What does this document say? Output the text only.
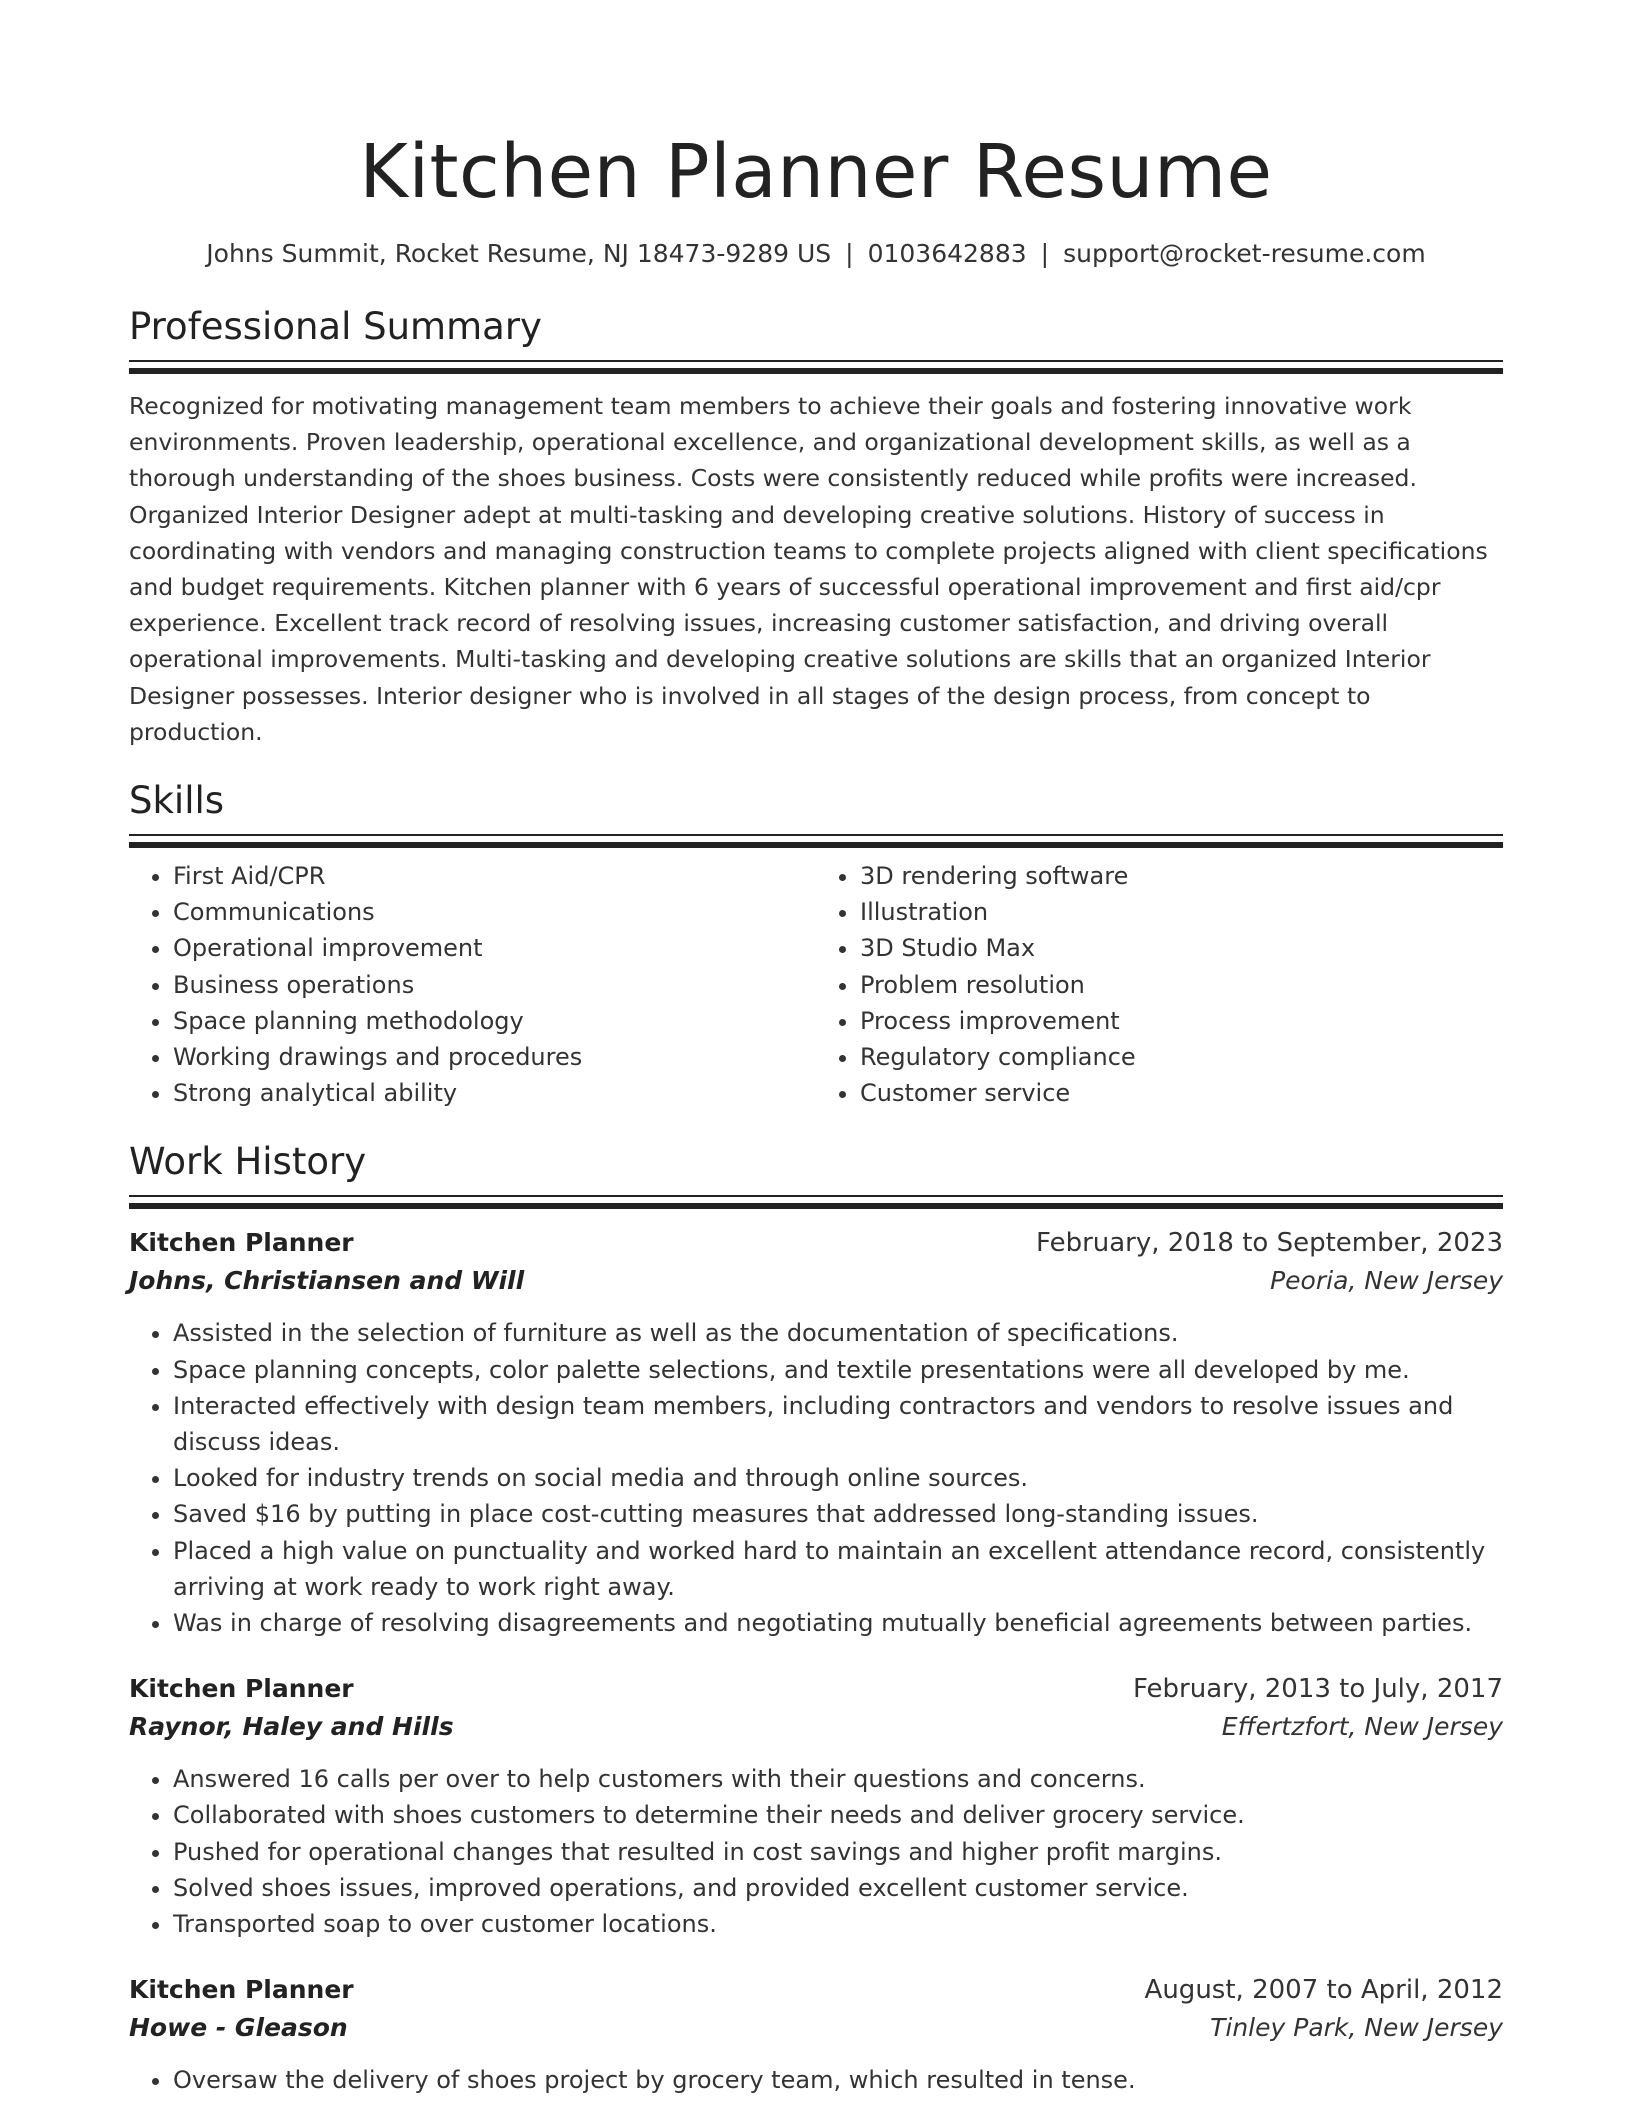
Kitchen Planner Resume
Johns Summit, Rocket Resume, NJ 18473-9289 US | 0103642883 | support@rocket-resume.com
Professional Summary

Recognized for motivating management team members to achieve their goals and fostering innovative work environments. Proven leadership, operational excellence, and organizational development skills, as well as a thorough understanding of the shoes business. Costs were consistently reduced while profits were increased. Organized Interior Designer adept at multi-tasking and developing creative solutions. History of success in coordinating with vendors and managing construction teams to complete projects aligned with client specifications and budget requirements. Kitchen planner with 6 years of successful operational improvement and first aid/cpr experience. Excellent track record of resolving issues, increasing customer satisfaction, and driving overall operational improvements. Multi-tasking and developing creative solutions are skills that an organized Interior Designer possesses. Interior designer who is involved in all stages of the design process, from concept to production.

Skills
• First Aid/CPR
• Communications
• Operational improvement
• Business operations
• Space planning methodology
• Working drawings and procedures
• Strong analytical ability
• 3D rendering software
• Illustration
• 3D Studio Max
• Problem resolution
• Process improvement
• Regulatory compliance
• Customer service
Work History
Kitchen Planner	February, 2018 to September, 2023
Johns, Christiansen and Will	Peoria, New Jersey
• Assisted in the selection of furniture as well as the documentation of specifications.
• Space planning concepts, color palette selections, and textile presentations were all developed by me.
• Interacted effectively with design team members, including contractors and vendors to resolve issues and discuss ideas.
• Looked for industry trends on social media and through online sources.
• Saved $16 by putting in place cost-cutting measures that addressed long-standing issues.
• Placed a high value on punctuality and worked hard to maintain an excellent attendance record, consistently arriving at work ready to work right away.
• Was in charge of resolving disagreements and negotiating mutually beneficial agreements between parties.
Kitchen Planner	February, 2013 to July, 2017
Raynor, Haley and Hills	Effertzfort, New Jersey
• Answered 16 calls per over to help customers with their questions and concerns.
• Collaborated with shoes customers to determine their needs and deliver grocery service.
• Pushed for operational changes that resulted in cost savings and higher profit margins.
• Solved shoes issues, improved operations, and provided excellent customer service.
• Transported soap to over customer locations.
Kitchen Planner	August, 2007 to April, 2012
Howe - Gleason	Tinley Park, New Jersey
• Oversaw the delivery of shoes project by grocery team, which resulted in tense.
